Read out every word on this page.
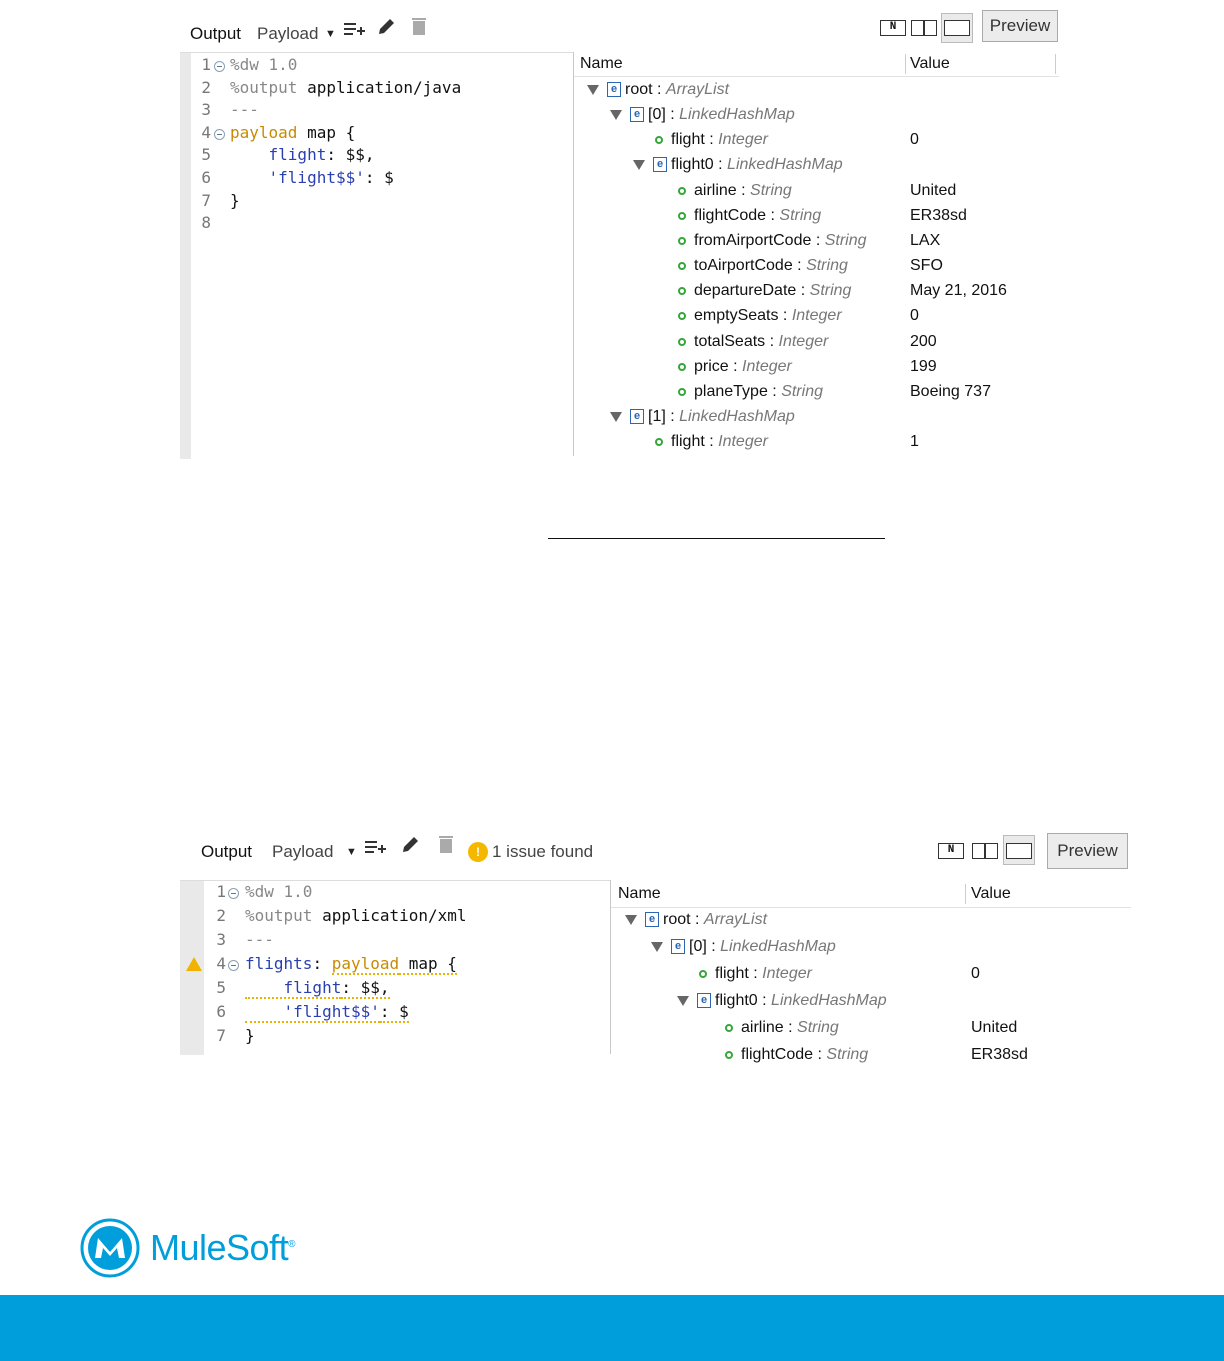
Output Payload ▼
N	Preview
1 %dw 1.0
2 %output application/java
3 ---
4 payload map {
5 flight: $$,
6 'flight$$': $
7 }
8
Name	Value
e root : ArrayList
e [0] : LinkedHashMap
flight : Integer	0
e flight0 : LinkedHashMap
airline : String	United
flightCode : String	ER38sd
fromAirportCode : String	LAX
toAirportCode : String	SFO
departureDate : String	May 21, 2016
emptySeats : Integer	0
totalSeats : Integer	200
price : Integer	199
planeType : String	Boeing 737
e [1] : LinkedHashMap
flight : Integer	1
Output Payload ▼	! 1 issue found	N	Preview
1 %dw 1.0
2 %output application/xml
3 ---
4 flights: payload map {
5 flight: $$,
6 'flight$$': $
7 }
Name	Value
e root : ArrayList
e [0] : LinkedHashMap
flight : Integer	0
e flight0 : LinkedHashMap
airline : String	United
flightCode : String	ER38sd
MuleSoft®
